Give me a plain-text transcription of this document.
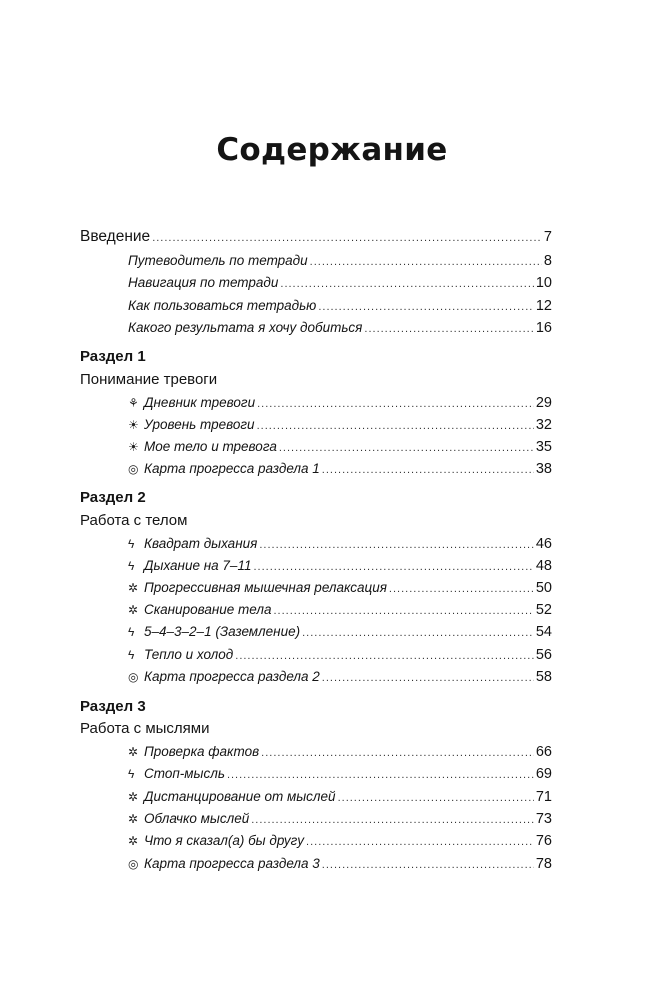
Содержание
Введение .....	7
Путеводитель по тетради .....	8
Навигация по тетради .....	10
Как пользоваться тетрадью .....	12
Какого результата я хочу добиться .....	16
Раздел 1
Понимание тревоги
⚘ Дневник тревоги .....	29
☀ Уровень тревоги .....	32
☀ Мое тело и тревога .....	35
◎ Карта прогресса раздела 1 .....	38
Раздел 2
Работа с телом
ϟ Квадрат дыхания .....	46
ϟ Дыхание на 7–11 .....	48
✲ Прогрессивная мышечная релаксация .....	50
✲ Сканирование тела .....	52
ϟ 5–4–3–2–1 (Заземление) .....	54
ϟ Тепло и холод .....	56
◎ Карта прогресса раздела 2 .....	58
Раздел 3
Работа с мыслями
✲ Проверка фактов .....	66
ϟ Стоп-мысль .....	69
✲ Дистанцирование от мыслей .....	71
✲ Облачко мыслей .....	73
✲ Что я сказал(а) бы другу .....	76
◎ Карта прогресса раздела 3 .....	78
